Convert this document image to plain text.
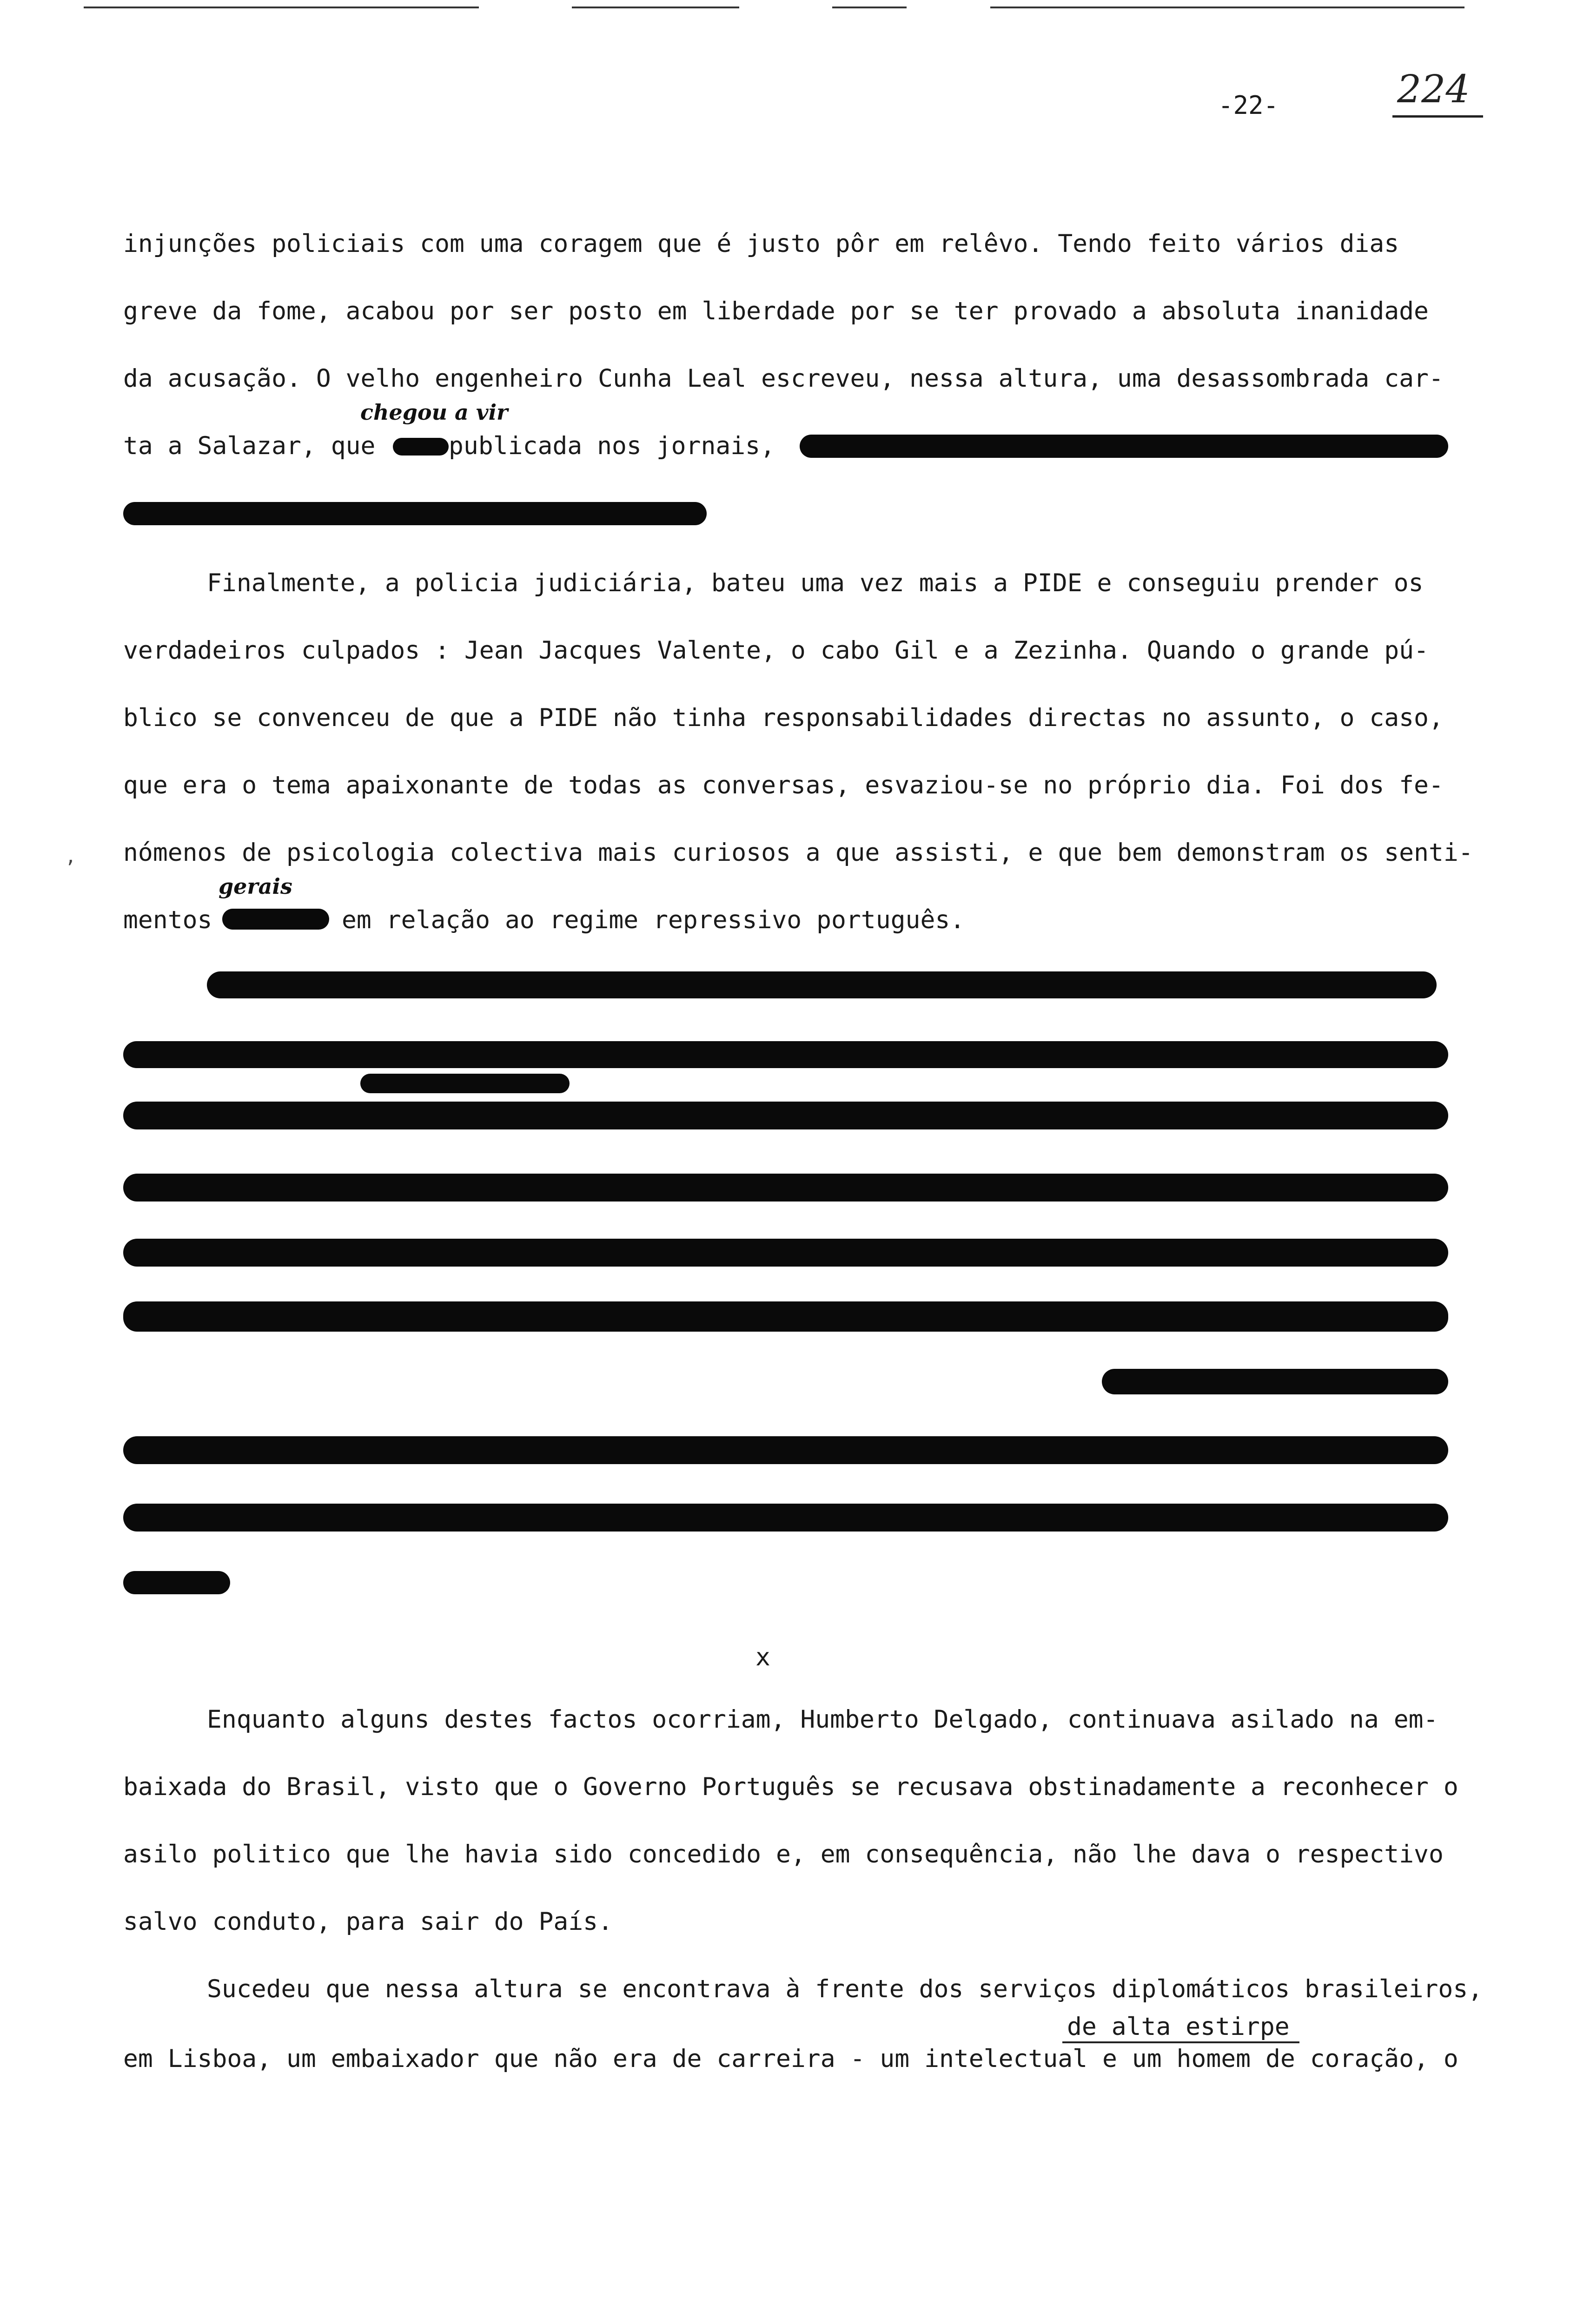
-22-	224
injunções policiais com uma coragem que é justo pôr em relêvo. Tendo feito vários dias
greve da fome, acabou por ser posto em liberdade por se ter provado a absoluta inanidade
da acusação. O velho engenheiro Cunha Leal escreveu, nessa altura, uma desassombrada car-
chegou a vir
ta a Salazar, que	publicada nos jornais,
Finalmente, a policia judiciária, bateu uma vez mais a PIDE e conseguiu prender os
verdadeiros culpados : Jean Jacques Valente, o cabo Gil e a Zezinha. Quando o grande pú-
blico se convenceu de que a PIDE não tinha responsabilidades directas no assunto, o caso,
que era o tema apaixonante de todas as conversas, esvaziou-se no próprio dia. Foi dos fe-
nómenos de psicologia colectiva mais curiosos a que assisti, e que bem demonstram os senti-
,
gerais
mentos	em relação ao regime repressivo português.
x
Enquanto alguns destes factos ocorriam, Humberto Delgado, continuava asilado na em-
baixada do Brasil, visto que o Governo Português se recusava obstinadamente a reconhecer o
asilo politico que lhe havia sido concedido e, em consequência, não lhe dava o respectivo
salvo conduto, para sair do País.
Sucedeu que nessa altura se encontrava à frente dos serviços diplomáticos brasileiros,
de alta estirpe
em Lisboa, um embaixador que não era de carreira - um intelectual e um homem de coração, o
